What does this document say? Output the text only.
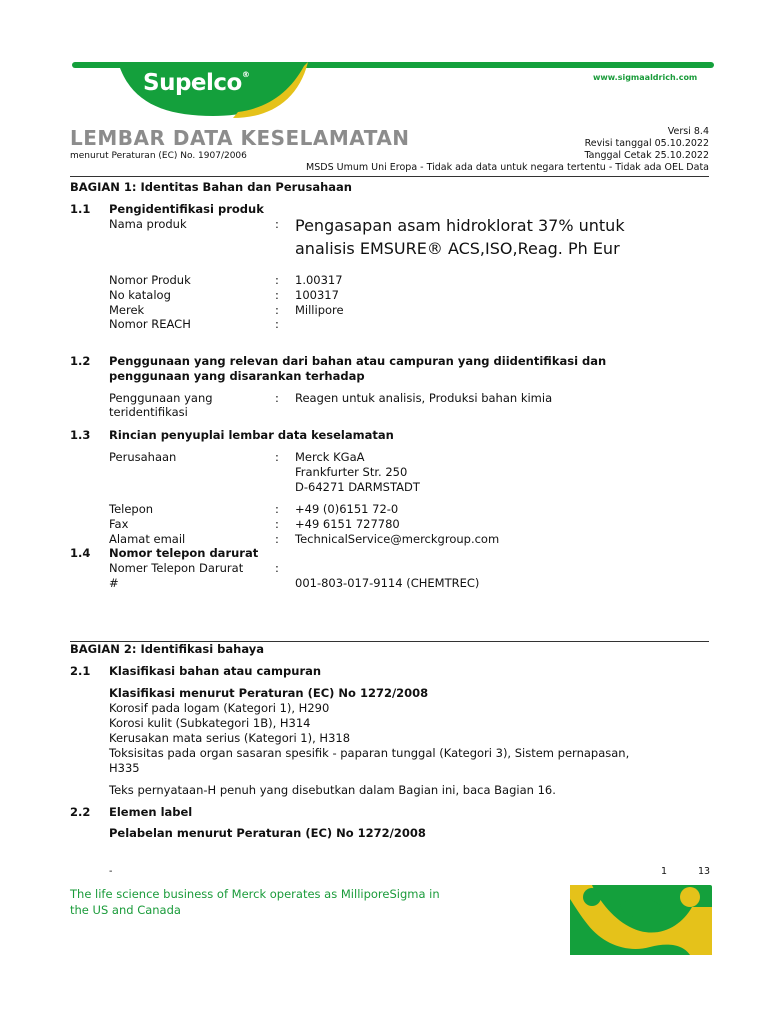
Supelco®	www.sigmaaldrich.com
LEMBAR DATA KESELAMATAN
menurut Peraturan (EC) No. 1907/2006
Versi 8.4
Revisi tanggal 05.10.2022
Tanggal Cetak 25.10.2022
MSDS Umum Uni Eropa - Tidak ada data untuk negara tertentu - Tidak ada OEL Data
BAGIAN 1: Identitas Bahan dan Perusahaan
1.1 Pengidentifikasi produk
Nama produk	: Pengasapan asam hidroklorat 37% untuk
analisis EMSURE® ACS,ISO,Reag. Ph Eur
Nomor Produk	: 1.00317
No katalog	: 100317
Merek	: Millipore
Nomor REACH	:
1.2 Penggunaan yang relevan dari bahan atau campuran yang diidentifikasi dan
penggunaan yang disarankan terhadap
Penggunaan yang
teridentifikasi
: Reagen untuk analisis, Produksi bahan kimia
1.3 Rincian penyuplai lembar data keselamatan
Perusahaan	: Merck KGaA
Frankfurter Str. 250
D-64271 DARMSTADT
Telepon	: +49 (0)6151 72-0
Fax	: +49 6151 727780
Alamat email	: TechnicalService@merckgroup.com
1.4 Nomor telepon darurat
Nomer Telepon Darurat	:
#	001-803-017-9114 (CHEMTREC)
BAGIAN 2: Identifikasi bahaya
2.1 Klasifikasi bahan atau campuran
Klasifikasi menurut Peraturan (EC) No 1272/2008
Korosif pada logam (Kategori 1), H290
Korosi kulit (Subkategori 1B), H314
Kerusakan mata serius (Kategori 1), H318
Toksisitas pada organ sasaran spesifik - paparan tunggal (Kategori 3), Sistem pernapasan,
H335
Teks pernyataan-H penuh yang disebutkan dalam Bagian ini, baca Bagian 16.
2.2 Elemen label
Pelabelan menurut Peraturan (EC) No 1272/2008
-	1	13
The life science business of Merck operates as MilliporeSigma in
the US and Canada
